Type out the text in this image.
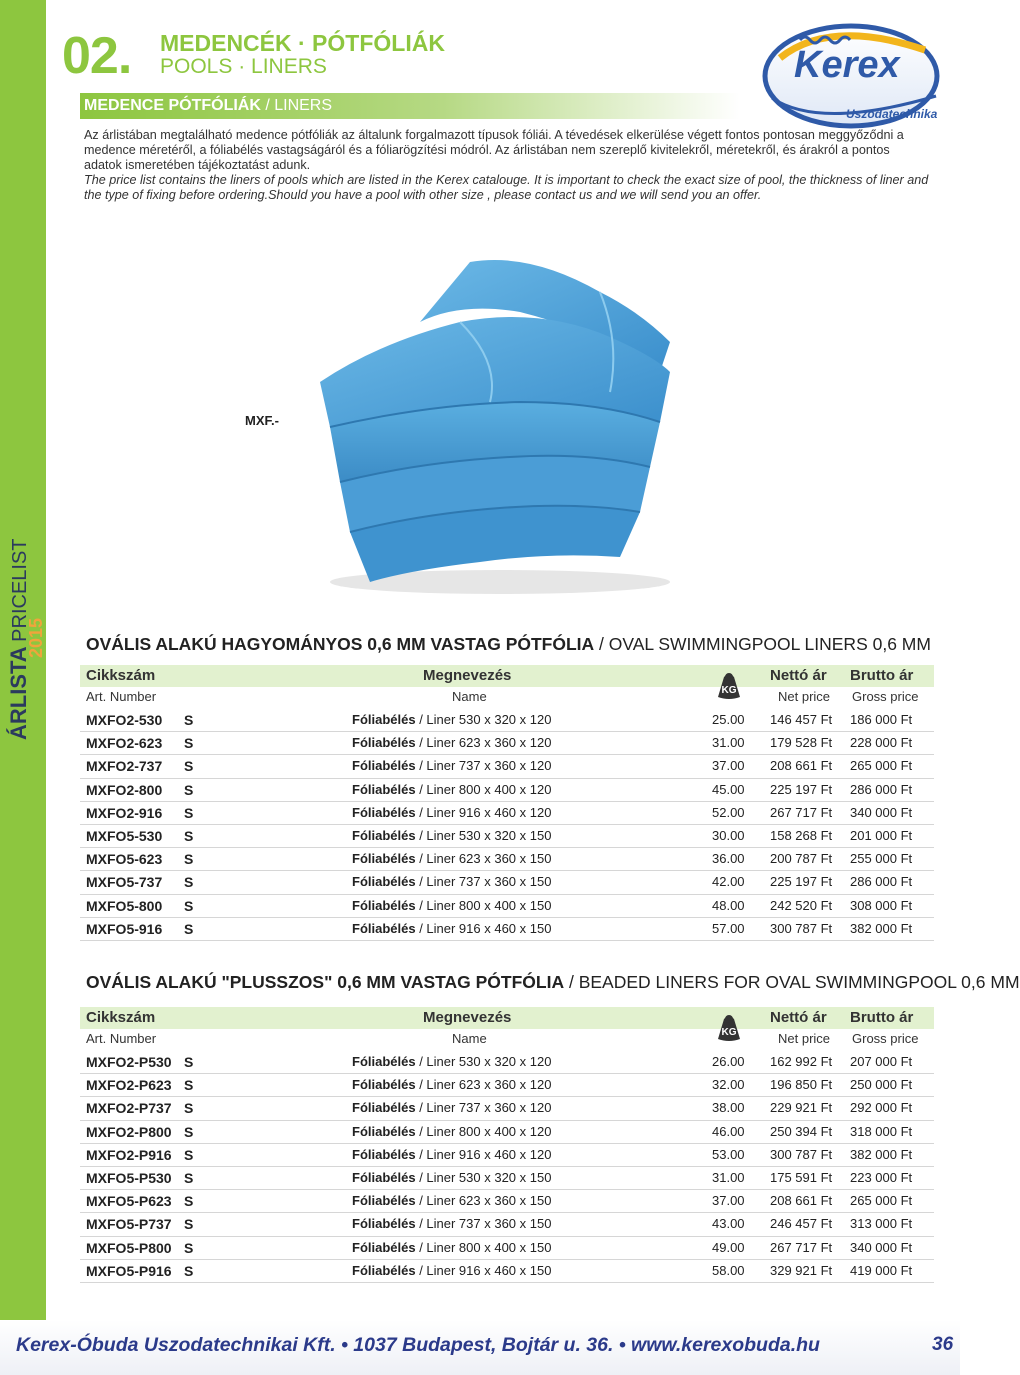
ÁRLISTA PRICELIST
2015
02. MEDENCÉK · PÓTFÓLIÁK
POOLS · LINERS
MEDENCE PÓTFÓLIÁK / LINERS
Kerex
Uszodatechnika

Az árlistában megtalálható medence pótfóliák az általunk forgalmazott típusok fóliái. A tévedések elkerülése végett fontos pontosan meggyőződni a medence méretéről, a fóliabélés vastagságáról és a fóliarögzítési módról. Az árlistában nem szereplő kivitelekről, méretekről, és árakról a pontos adatok ismeretében tájékoztatást adunk.

The price list contains the liners of pools which are listed in the Kerex catalouge. It is important to check the exact size of pool, the thickness of liner and the type of fixing before ordering.Should you have a pool with other size , please contact us and we will send you an offer.

MXF.-
OVÁLIS ALAKÚ HAGYOMÁNYOS 0,6 MM VASTAG PÓTFÓLIA / OVAL SWIMMINGPOOL LINERS 0,6 MM
Cikkszám
Art. Number
Megnevezés
Name	KG
Nettó ár
Net price
Brutto ár
Gross price
MXFO2-530 S	Fóliabélés / Liner 530 x 320 x 120	25.00 146 457 Ft 186 000 Ft
MXFO2-623 S	Fóliabélés / Liner 623 x 360 x 120	31.00 179 528 Ft 228 000 Ft
MXFO2-737 S	Fóliabélés / Liner 737 x 360 x 120	37.00 208 661 Ft 265 000 Ft
MXFO2-800 S	Fóliabélés / Liner 800 x 400 x 120	45.00 225 197 Ft 286 000 Ft
MXFO2-916 S	Fóliabélés / Liner 916 x 460 x 120	52.00 267 717 Ft 340 000 Ft
MXFO5-530 S	Fóliabélés / Liner 530 x 320 x 150	30.00 158 268 Ft 201 000 Ft
MXFO5-623 S	Fóliabélés / Liner 623 x 360 x 150	36.00 200 787 Ft 255 000 Ft
MXFO5-737 S	Fóliabélés / Liner 737 x 360 x 150	42.00 225 197 Ft 286 000 Ft
MXFO5-800 S	Fóliabélés / Liner 800 x 400 x 150	48.00 242 520 Ft 308 000 Ft
MXFO5-916 S	Fóliabélés / Liner 916 x 460 x 150	57.00 300 787 Ft 382 000 Ft
OVÁLIS ALAKÚ "PLUSSZOS" 0,6 MM VASTAG PÓTFÓLIA / BEADED LINERS FOR OVAL SWIMMINGPOOL 0,6 MM
Cikkszám
Art. Number
Megnevezés
Name	KG
Nettó ár
Net price
Brutto ár
Gross price
MXFO2-P530 S	Fóliabélés / Liner 530 x 320 x 120	26.00 162 992 Ft 207 000 Ft
MXFO2-P623 S	Fóliabélés / Liner 623 x 360 x 120	32.00 196 850 Ft 250 000 Ft
MXFO2-P737 S	Fóliabélés / Liner 737 x 360 x 120	38.00 229 921 Ft 292 000 Ft
MXFO2-P800 S	Fóliabélés / Liner 800 x 400 x 120	46.00 250 394 Ft 318 000 Ft
MXFO2-P916 S	Fóliabélés / Liner 916 x 460 x 120	53.00 300 787 Ft 382 000 Ft
MXFO5-P530 S	Fóliabélés / Liner 530 x 320 x 150	31.00 175 591 Ft 223 000 Ft
MXFO5-P623 S	Fóliabélés / Liner 623 x 360 x 150	37.00 208 661 Ft 265 000 Ft
MXFO5-P737 S	Fóliabélés / Liner 737 x 360 x 150	43.00 246 457 Ft 313 000 Ft
MXFO5-P800 S	Fóliabélés / Liner 800 x 400 x 150	49.00 267 717 Ft 340 000 Ft
MXFO5-P916 S	Fóliabélés / Liner 916 x 460 x 150	58.00 329 921 Ft 419 000 Ft
Kerex-Óbuda Uszodatechnikai Kft. • 1037 Budapest, Bojtár u. 36. • www.kerexobuda.hu	36
